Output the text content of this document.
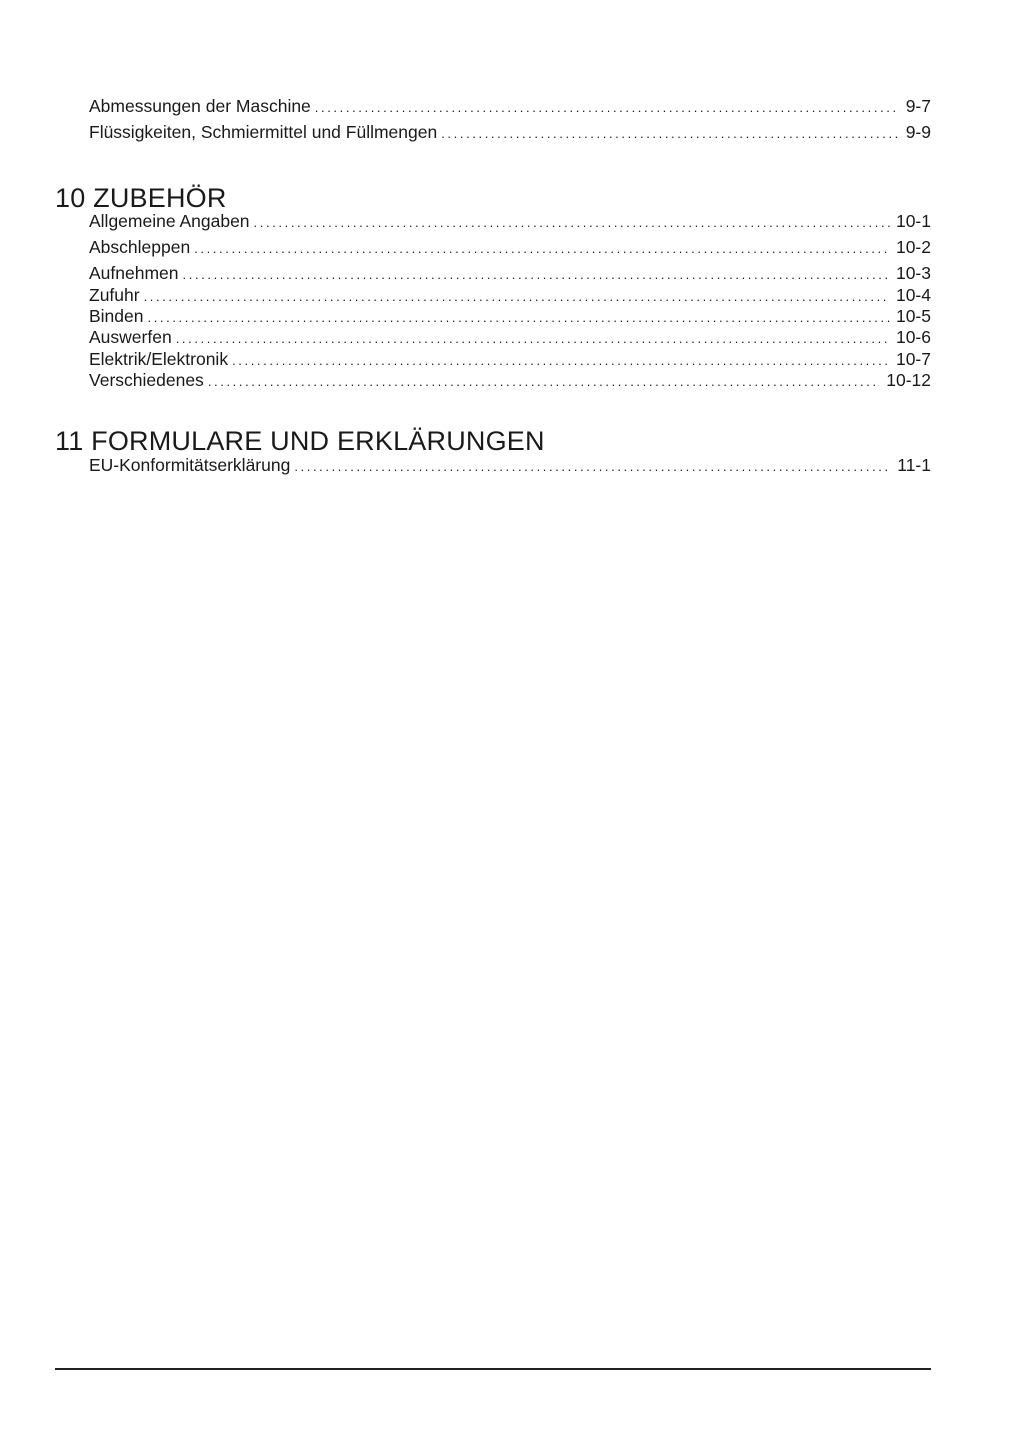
Abmessungen der Maschine .....	9-7
Flüssigkeiten, Schmiermittel und Füllmengen .....	9-9
10 ZUBEHÖR
Allgemeine Angaben .....	10-1
Abschleppen .....	10-2
Aufnehmen .....	10-3
Zufuhr .....	10-4
Binden .....	10-5
Auswerfen .....	10-6
Elektrik/Elektronik .....	10-7
Verschiedenes .....	10-12
11 FORMULARE UND ERKLÄRUNGEN
EU-Konformitätserklärung .....	11-1
